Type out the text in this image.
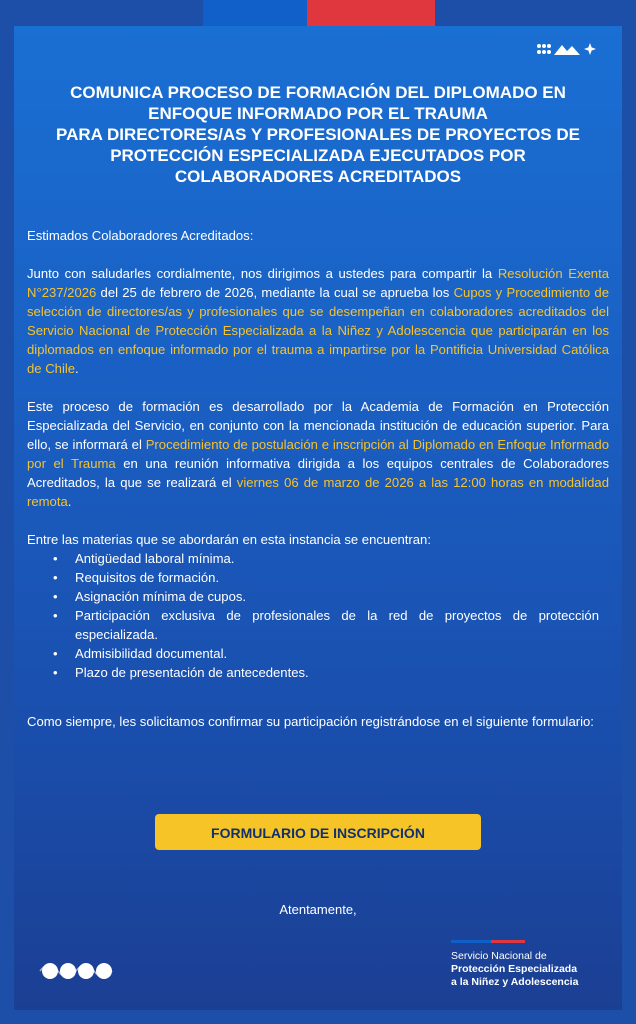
COMUNICA PROCESO DE FORMACIÓN DEL DIPLOMADO EN
ENFOQUE INFORMADO POR EL TRAUMA
PARA DIRECTORES/AS Y PROFESIONALES DE PROYECTOS DE
PROTECCIÓN ESPECIALIZADA EJECUTADOS POR
COLABORADORES ACREDITADOS

Estimados Colaboradores Acreditados:

Junto con saludarles cordialmente, nos dirigimos a ustedes para compartir la Resolución Exenta N°237/2026 del 25 de febrero de 2026, mediante la cual se aprueba los Cupos y Procedimiento de selección de directores/as y profesionales que se desempeñan en colaboradores acreditados del Servicio Nacional de Protección Especializada a la Niñez y Adolescencia que participarán en los diplomados en enfoque informado por el trauma a impartirse por la Pontificia Universidad Católica de Chile.

Este proceso de formación es desarrollado por la Academia de Formación en Protección Especializada del Servicio, en conjunto con la mencionada institución de educación superior. Para ello, se informará el Procedimiento de postulación e inscripción al Diplomado en Enfoque Informado por el Trauma en una reunión informativa dirigida a los equipos centrales de Colaboradores Acreditados, la que se realizará el viernes 06 de marzo de 2026 a las 12:00 horas en modalidad remota.

Entre las materias que se abordarán en esta instancia se encuentran:
• Antigüedad laboral mínima.
• Requisitos de formación.
• Asignación mínima de cupos.
• Participación exclusiva de profesionales de la red de proyectos de protección especializada.
• Admisibilidad documental.
• Plazo de presentación de antecedentes.

Como siempre, les solicitamos confirmar su participación registrándose en el siguiente formulario:

FORMULARIO DE INSCRIPCIÓN
Atentamente,
Servicio Nacional de
Protección Especializada
a la Niñez y Adolescencia
